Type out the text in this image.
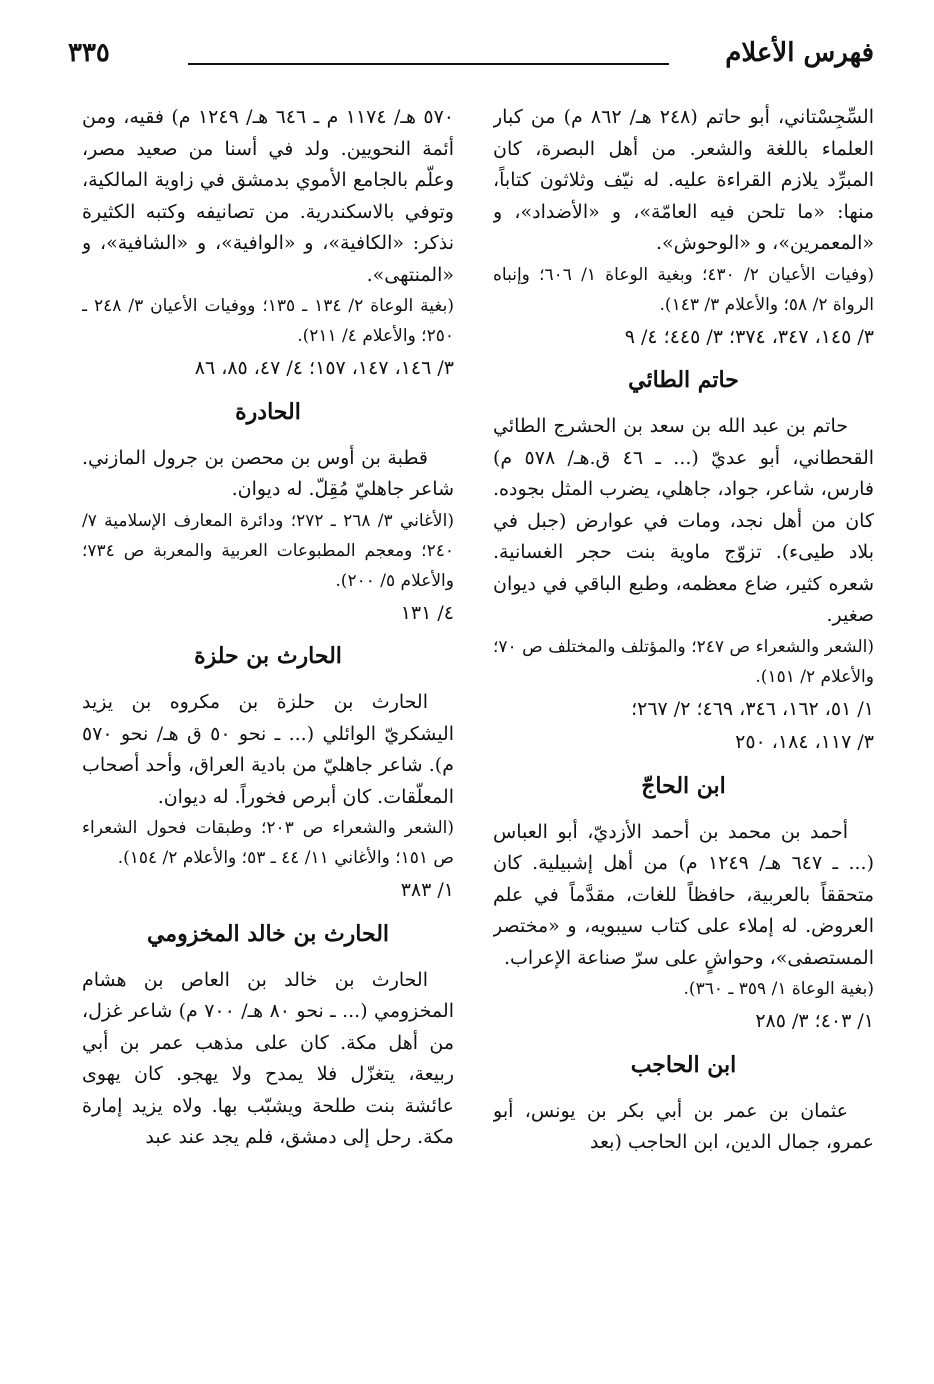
فهرس الأعلام
٣٣٥

السِّجِسْتاني، أبو حاتم (٢٤٨ هـ/ ٨٦٢ م) من كبار العلماء باللغة والشعر. من أهل البصرة، كان المبرِّد يلازم القراءة عليه. له نيّف وثلاثون كتاباً، منها: «ما تلحن فيه العامّة»، و «الأضداد»، و «المعمرين»، و «الوحوش».

(وفيات الأعيان ٢/ ٤٣٠؛ وبغية الوعاة ١/ ٦٠٦؛ وإنباه الرواة ٢/ ٥٨؛ والأعلام ٣/ ١٤٣).

٣/ ١٤٥، ٣٤٧، ٣٧٤؛ ٣/ ٤٤٥؛ ٤/ ٩

حاتم الطائي

حاتم بن عبد الله بن سعد بن الحشرج الطائي القحطاني، أبو عديّ (... ـ ٤٦ ق.هـ/ ٥٧٨ م) فارس، شاعر، جواد، جاهلي، يضرب المثل بجوده. كان من أهل نجد، ومات في عوارض (جبل في بلاد طيىء). تزوّج ماوية بنت حجر الغسانية. شعره كثير، ضاع معظمه، وطبع الباقي في ديوان صغير.

(الشعر والشعراء ص ٢٤٧؛ والمؤتلف والمختلف ص ٧٠؛ والأعلام ٢/ ١٥١).

١/ ٥١، ١٦٢، ٣٤٦، ٤٦٩؛ ٢/ ٢٦٧؛

٣/ ١١٧، ١٨٤، ٢٥٠

ابن الحاجّ

أحمد بن محمد بن أحمد الأزديّ، أبو العباس (... ـ ٦٤٧ هـ/ ١٢٤٩ م) من أهل إشبيلية. كان متحققاً بالعربية، حافظاً للغات، مقدَّماً في علم العروض. له إملاء على كتاب سيبويه، و «مختصر المستصفى»، وحواشٍ على سرّ صناعة الإعراب.

(بغية الوعاة ١/ ٣٥٩ ـ ٣٦٠).

١/ ٤٠٣؛ ٣/ ٢٨٥

ابن الحاجب

عثمان بن عمر بن أبي بكر بن يونس، أبو عمرو، جمال الدين، ابن الحاجب (بعد

٥٧٠ هـ/ ١١٧٤ م ـ ٦٤٦ هـ/ ١٢٤٩ م) فقيه، ومن أئمة النحويين. ولد في أسنا من صعيد مصر، وعلّم بالجامع الأموي بدمشق في زاوية المالكية، وتوفي بالاسكندرية. من تصانيفه وكتبه الكثيرة نذكر: «الكافية»، و «الوافية»، و «الشافية»، و «المنتهى».

(بغية الوعاة ٢/ ١٣٤ ـ ١٣٥؛ ووفيات الأعيان ٣/ ٢٤٨ ـ ٢٥٠؛ والأعلام ٤/ ٢١١).

٣/ ١٤٦، ١٤٧، ١٥٧؛ ٤/ ٤٧، ٨٥، ٨٦

الحادرة

قطبة بن أوس بن محصن بن جرول المازني. شاعر جاهليّ مُقِلّ. له ديوان.

(الأغاني ٣/ ٢٦٨ ـ ٢٧٢؛ ودائرة المعارف الإسلامية ٧/ ٢٤٠؛ ومعجم المطبوعات العربية والمعربة ص ٧٣٤؛ والأعلام ٥/ ٢٠٠).

٤/ ١٣١

الحارث بن حلزة

الحارث بن حلزة بن مكروه بن يزيد اليشكريّ الوائلي (... ـ نحو ٥٠ ق هـ/ نحو ٥٧٠ م). شاعر جاهليّ من بادية العراق، وأحد أصحاب المعلّقات. كان أبرص فخوراً. له ديوان.

(الشعر والشعراء ص ٢٠٣؛ وطبقات فحول الشعراء ص ١٥١؛ والأغاني ١١/ ٤٤ ـ ٥٣؛ والأعلام ٢/ ١٥٤).

١/ ٣٨٣

الحارث بن خالد المخزومي

الحارث بن خالد بن العاص بن هشام المخزومي (... ـ نحو ٨٠ هـ/ ٧٠٠ م) شاعر غزل، من أهل مكة. كان على مذهب عمر بن أبي ربيعة، يتغزّل فلا يمدح ولا يهجو. كان يهوى عائشة بنت طلحة ويشبّب بها. ولاه يزيد إمارة مكة. رحل إلى دمشق، فلم يجد عند عبد
